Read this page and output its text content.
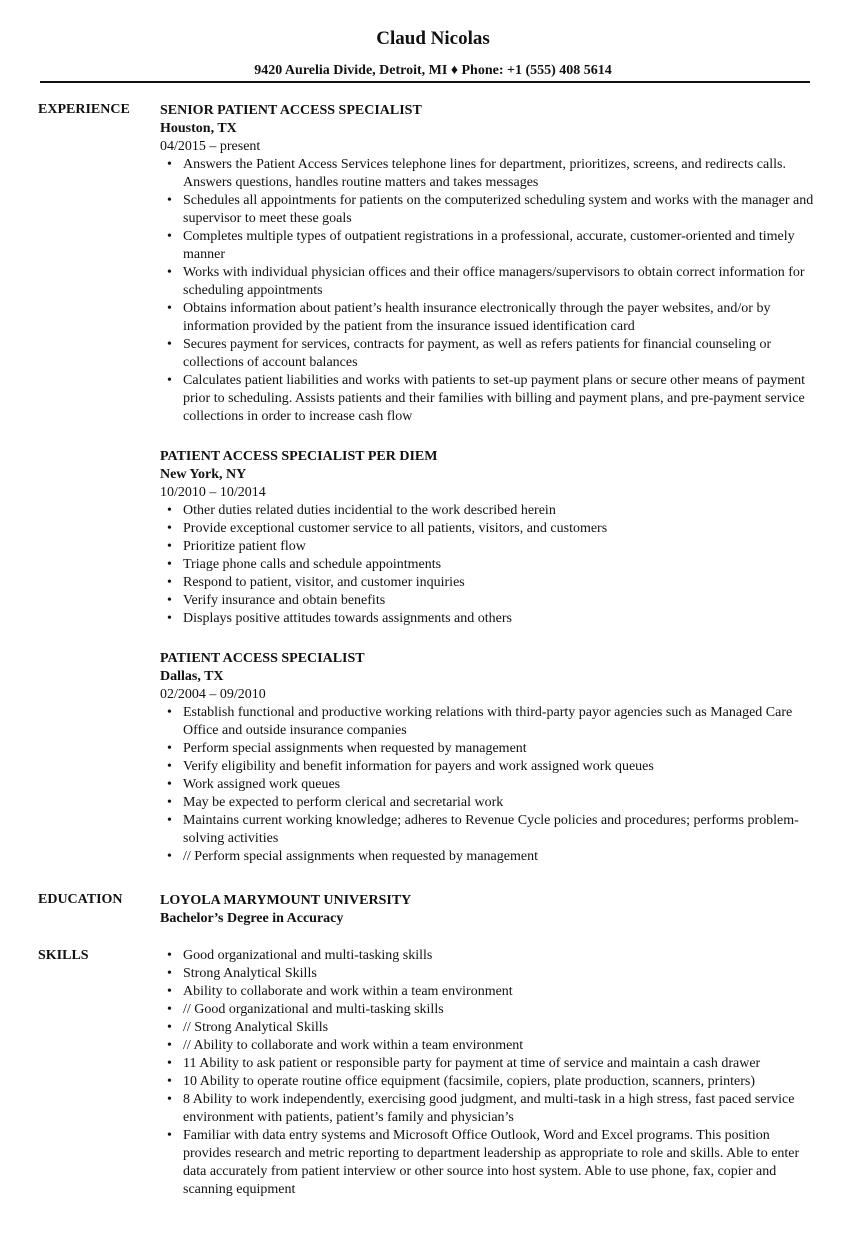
Claud Nicolas
9420 Aurelia Divide, Detroit, MI ♦ Phone: +1 (555) 408 5614
EXPERIENCE SENIOR PATIENT ACCESS SPECIALIST
Houston, TX
04/2015 – present
• Answers the Patient Access Services telephone lines for department, prioritizes, screens, and redirects calls. Answers questions, handles routine matters and takes messages
• Schedules all appointments for patients on the computerized scheduling system and works with the manager and supervisor to meet these goals
• Completes multiple types of outpatient registrations in a professional, accurate, customer-oriented and timely manner
• Works with individual physician offices and their office managers/supervisors to obtain correct information for scheduling appointments
• Obtains information about patient’s health insurance electronically through the payer websites, and/or by information provided by the patient from the insurance issued identification card
• Secures payment for services, contracts for payment, as well as refers patients for financial counseling or collections of account balances
• Calculates patient liabilities and works with patients to set-up payment plans or secure other means of payment prior to scheduling. Assists patients and their families with billing and payment plans, and pre-payment service collections in order to increase cash flow
PATIENT ACCESS SPECIALIST PER DIEM
New York, NY
10/2010 – 10/2014
• Other duties related duties incidential to the work described herein
• Provide exceptional customer service to all patients, visitors, and customers
• Prioritize patient flow
• Triage phone calls and schedule appointments
• Respond to patient, visitor, and customer inquiries
• Verify insurance and obtain benefits
• Displays positive attitudes towards assignments and others
PATIENT ACCESS SPECIALIST
Dallas, TX
02/2004 – 09/2010
• Establish functional and productive working relations with third-party payor agencies such as Managed Care Office and outside insurance companies
• Perform special assignments when requested by management
• Verify eligibility and benefit information for payers and work assigned work queues
• Work assigned work queues
• May be expected to perform clerical and secretarial work
• Maintains current working knowledge; adheres to Revenue Cycle policies and procedures; performs problem- solving activities
• // Perform special assignments when requested by management
EDUCATION	LOYOLA MARYMOUNT UNIVERSITY
Bachelor’s Degree in Accuracy
SKILLS
•	Good organizational and multi-tasking skills
• Strong Analytical Skills
• Ability to collaborate and work within a team environment
• // Good organizational and multi-tasking skills
• // Strong Analytical Skills
• // Ability to collaborate and work within a team environment
• 11 Ability to ask patient or responsible party for payment at time of service and maintain a cash drawer
• 10 Ability to operate routine office equipment (facsimile, copiers, plate production, scanners, printers)
• 8 Ability to work independently, exercising good judgment, and multi-task in a high stress, fast paced service environment with patients, patient’s family and physician’s
• Familiar with data entry systems and Microsoft Office Outlook, Word and Excel programs. This position provides research and metric reporting to department leadership as appropriate to role and skills. Able to enter data accurately from patient interview or other source into host system. Able to use phone, fax, copier and scanning equipment
